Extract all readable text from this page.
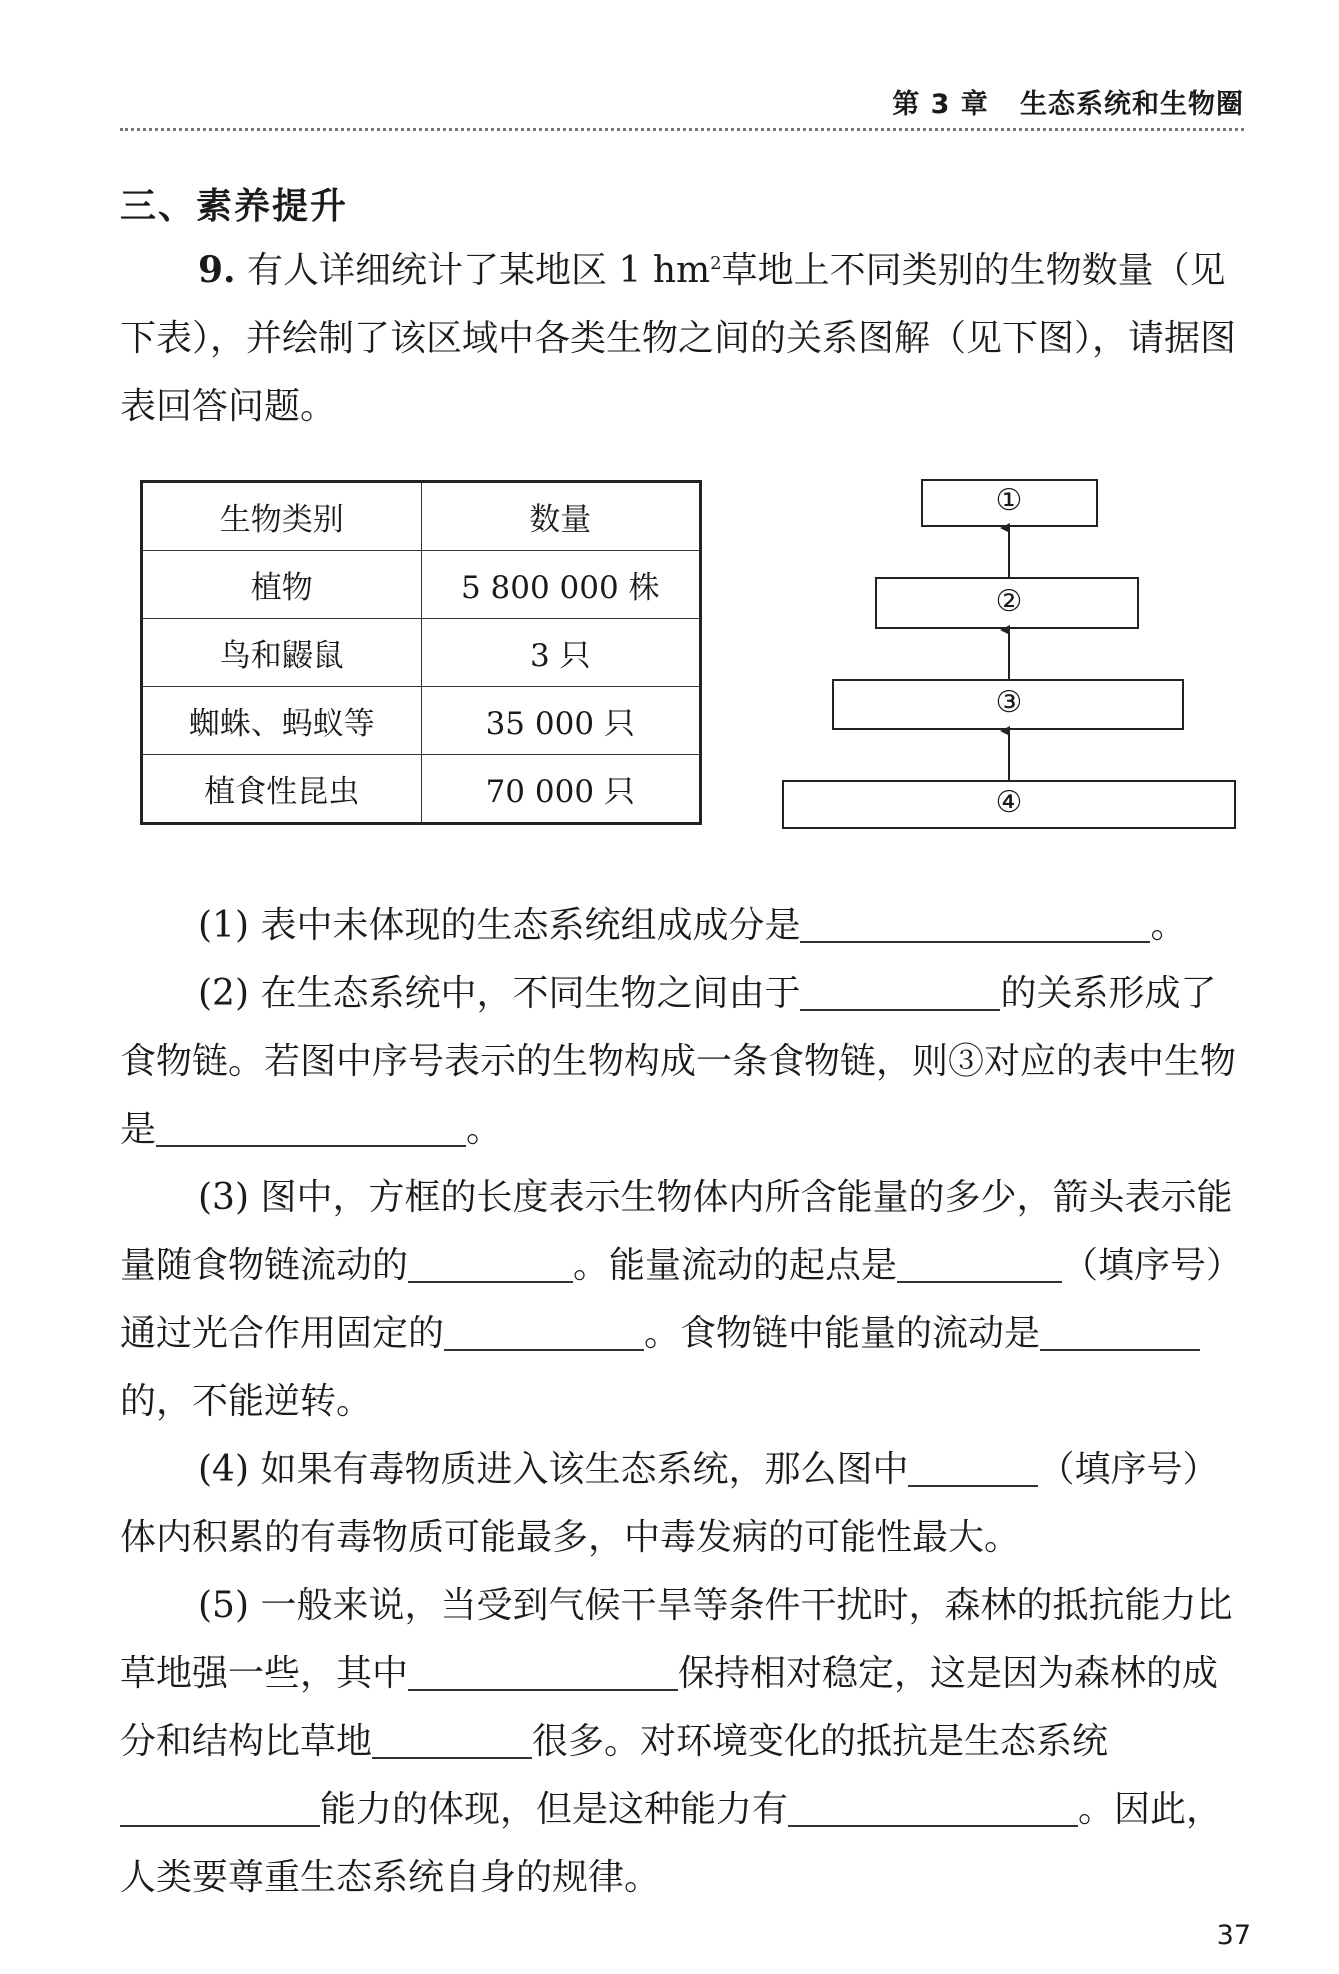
第 3 章 生态系统和生物圈
三、素养提升
9. 有人详细统计了某地区 1 $hm^2$草地上不同类别的生物数量（见下表），并绘制了该区域中各类生物之间的关系图解（见下图），请据图表回答问题。
生物类别	数量
植物	5 800 000 株
鸟和鼹鼠	3 只
蜘蛛、蚂蚁等	35 000 只
植食性昆虫	70 000 只
①
②
③
④
(1) 表中未体现的生态系统组成成分是	。
(2) 在生态系统中，不同生物之间由于	的关系形成了食物链。若图中序号表示的生物构成一条食物链，则③对应的表中生物是	。
(3) 图中，方框的长度表示生物体内所含能量的多少，箭头表示能量随食物链流动的	。能量流动的起点是	（填序号）通过光合作用固定的	。食物链中能量的流动是的，不能逆转。
(4) 如果有毒物质进入该生态系统，那么图中	（填序号）体内积累的有毒物质可能最多，中毒发病的可能性最大。
(5) 一般来说，当受到气候干旱等条件干扰时，森林的抵抗能力比草地强一些，其中	保持相对稳定，这是因为森林的成分和结构比草地	很多。对环境变化的抵抗是生态系统能力的体现，但是这种能力有	。因此，人类要尊重生态系统自身的规律。
37
